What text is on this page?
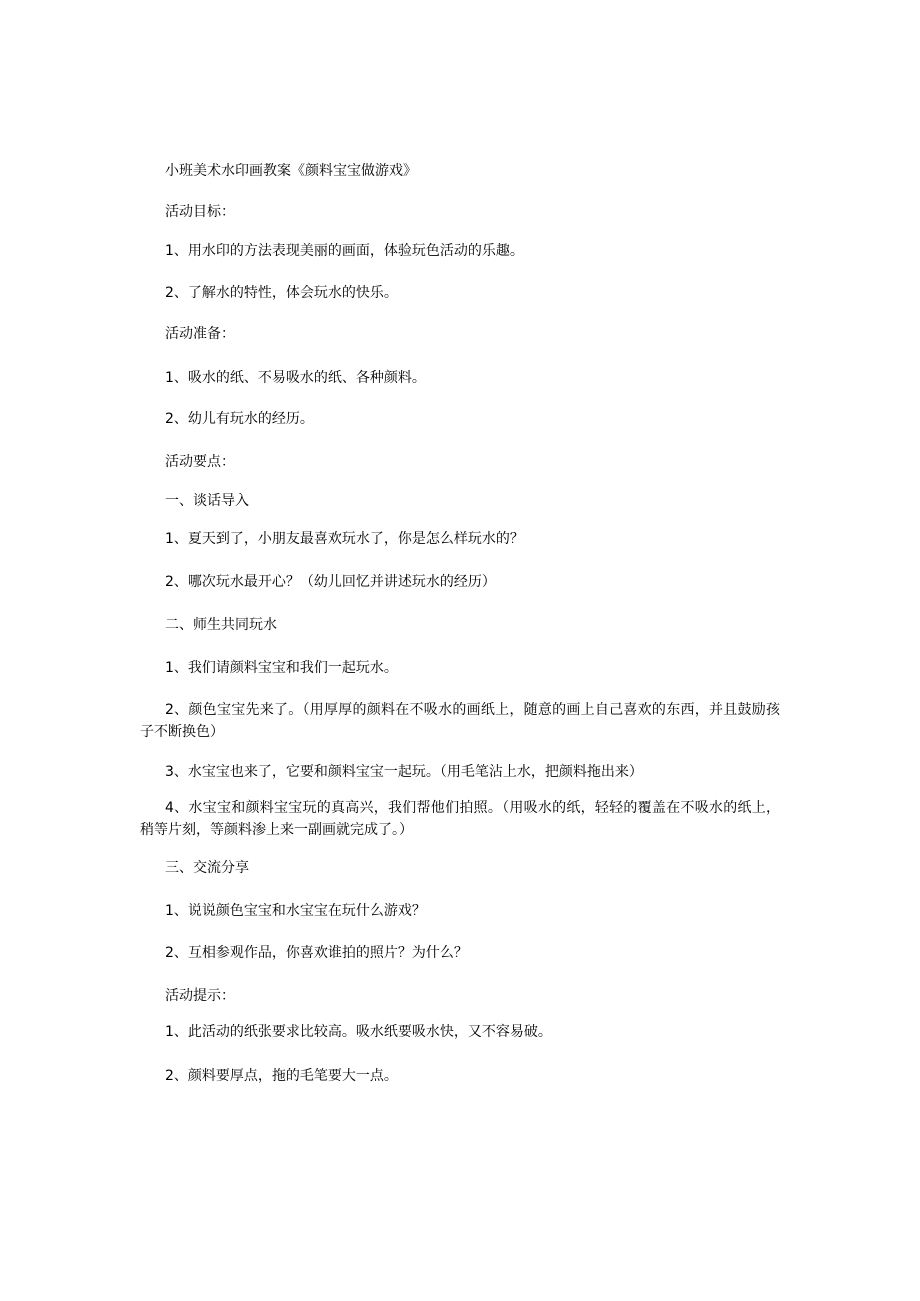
小班美术水印画教案《颜料宝宝做游戏》
活动目标：
1、用水印的方法表现美丽的画面，体验玩色活动的乐趣。
2、了解水的特性，体会玩水的快乐。
活动准备：
1、吸水的纸、不易吸水的纸、各种颜料。
2、幼儿有玩水的经历。
活动要点：
一、谈话导入
1、夏天到了，小朋友最喜欢玩水了，你是怎么样玩水的？
2、哪次玩水最开心？（幼儿回忆并讲述玩水的经历）
二、师生共同玩水
1、我们请颜料宝宝和我们一起玩水。
2、颜色宝宝先来了。（用厚厚的颜料在不吸水的画纸上，随意的画上自己喜欢的东西，并且鼓励孩子不断换色）
3、水宝宝也来了，它要和颜料宝宝一起玩。（用毛笔沾上水，把颜料拖出来）
4、水宝宝和颜料宝宝玩的真高兴，我们帮他们拍照。（用吸水的纸，轻轻的覆盖在不吸水的纸上，稍等片刻，等颜料渗上来一副画就完成了。）
三、交流分享
1、说说颜色宝宝和水宝宝在玩什么游戏？
2、互相参观作品，你喜欢谁拍的照片？为什么？
活动提示：
1、此活动的纸张要求比较高。吸水纸要吸水快，又不容易破。
2、颜料要厚点，拖的毛笔要大一点。
